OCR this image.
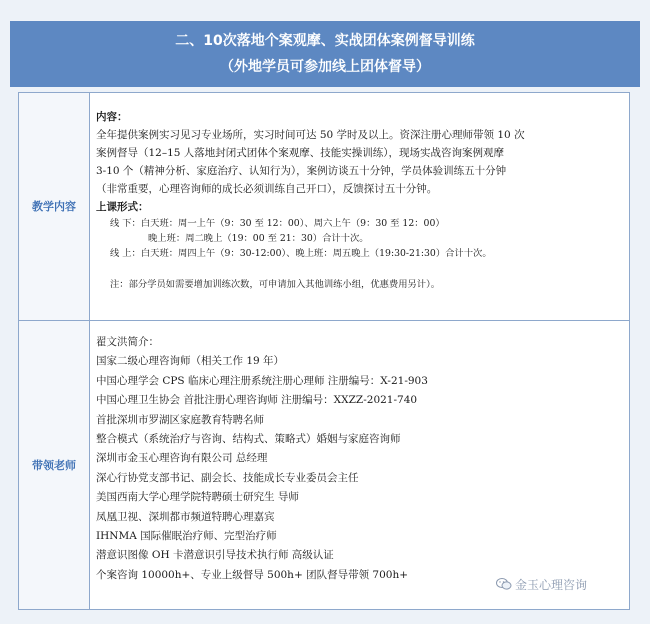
二、10次落地个案观摩、实战团体案例督导训练
（外地学员可参加线上团体督导）
教学内容
内容：
全年提供案例实习见习专业场所，实习时间可达 50 学时及以上。资深注册心理师带领 10 次
案例督导（12–15 人落地封闭式团体个案观摩、技能实操训练），现场实战咨询案例观摩
3-10 个（精神分析、家庭治疗、认知行为），案例访谈五十分钟，学员体验训练五十分钟
（非常重要，心理咨询师的成长必须训练自己开口），反馈探讨五十分钟。
上课形式：
线 下：白天班：周一上午（9：30 至 12：00）、周六上午（9：30 至 12：00）
晚上班：周二晚上（19：00 至 21：30）合计十次。
线 上：白天班：周四上午（9：30-12:00）、晚上班：周五晚上（19:30-21:30）合计十次。
注：部分学员如需要增加训练次数，可申请加入其他训练小组，优惠费用另计）。
带领老师
翟文洪简介：
国家二级心理咨询师（相关工作 19 年）
中国心理学会 CPS 临床心理注册系统注册心理师 注册编号：X-21-903
中国心理卫生协会 首批注册心理咨询师 注册编号：XXZZ-2021-740
首批深圳市罗湖区家庭教育特聘名师
整合模式（系统治疗与咨询、结构式、策略式）婚姻与家庭咨询师
深圳市金玉心理咨询有限公司 总经理
深心行协党支部书记、副会长、技能成长专业委员会主任
美国西南大学心理学院特聘硕士研究生 导师
凤凰卫视、深圳都市频道特聘心理嘉宾
IHNMA 国际催眠治疗师、完型治疗师
潜意识图像 OH 卡潜意识引导技术执行师 高级认证
个案咨询 10000h+、专业上级督导 500h+ 团队督导带领 700h+
金玉心理咨询
